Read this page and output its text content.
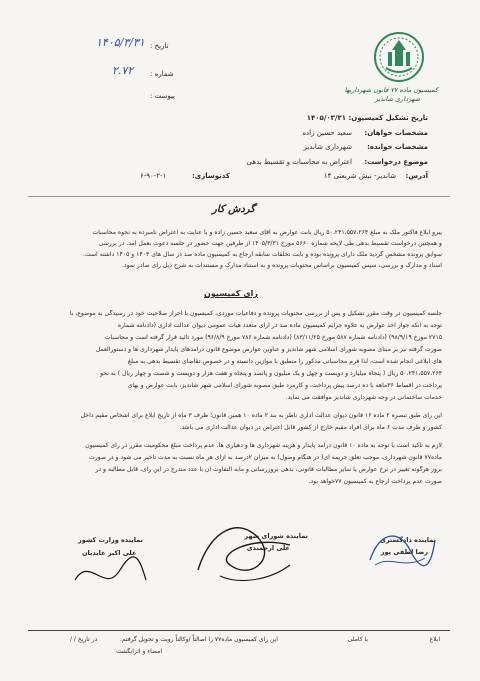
کمیسیون ماده ۷۷ قانون شهرداریها
شهرداری شاندیز
تاریخ :
۱۴۰۵/۳/۳۱
شماره :
۲.۷۲
پیوست :
تاریخ تشکیل کمیسیون: ۱۴۰۵/۰۳/۳۱
مشخصات خواهان:
سعید حسین زاده
مشخصات خوانده:
شهرداری شاندیز
موضوع درخواست:
اعتراض به محاسبات و تقسیط بدهی
آدرس:
شاندیز- نبش شریعتی ۱۴
کدنوسازی:
۶-۹۰-۲-۱
گردش کار
پیرو ابلاغ فاکتور ملک به مبلغ ۵۰،۲۴۱،۵۵۷،۲۶۴ ریال بابت عوارض به آقای سعید حسین زاده و با عنایت به اعتراض نامبرده به نحوه محاسبات
و همچنین درخواست تقسیط بدهی طی لایحه شماره ۵۶۶۰ مورخ ۱۴۰۵/۳/۳۱ از طرفین جهت حضور در جلسه دعوت بعمل آمد. در بررسی
سوابق پرونده مشخص گردید ملک دارای پرونده بوده و بابت تخلفات سابقه ارجاع به کمیسیون ماده صد در سال های ۱۴۰۳ و ۱۴۰۵ داشته است.
اسناد و مدارک و بررسی، سپس کمیسیون براساس محتویات پرونده و به استناد مدارک و مستندات به شرح ذیل رای صادر نمود.
رای کمیسیون
جلسه کمیسیون در وقت مقرر تشکیل و پس از بررسی محتویات پرونده و دفاعیات موردی، کمیسیون با احراز صلاحیت خود در رسیدگی به موضوع، با
توجه به آنکه جواز اخذ عوارض به علاوه جرایم کمیسیون ماده صد در آرای متعدد هیات عمومی دیوان عدالت اداری (دادنامه شماره
۲۷۱۵ مورخ ۹۸/۹/۱۹) (دادنامه شماره ۵۸۷ مورخ ۸۳/۱۱/۲۵) (دادنامه شماره ۷۸۶ مورخ ۹۶/۸/۹) مورد تائید قرار گرفته است و محاسبات
صورت گرفته نیز بر مبنای مصوبه شورای اسلامی شهر شاندیز و عناوین عوارض موضوع قانون درآمدهای پایدار شهرداری ها و دستورالعمل
های ابلاغی انجام شده است، لذا فرم محاسباتی مذکور را منطبق با موازین دانسته و در خصوص تقاضای تقسیط بدهی به مبلغ
۵۰،۲۴۱،۵۵۷،۲۶۴ ریال ( پنجاه میلیارد و دویست و چهل و یک میلیون و پانصد و پنجاه و هفت هزار و دویست و شصت و چهار ریال ) به نحو
پرداخت در اقساط ۳۶ماهه با ده درصد پیش پرداخت، و کارمزد طبق مصوبه شورای اسلامی شهر شاندیز، بابت عوارض و بهای
خدمات ساختمانی در وجه شهرداری شاندیز موافقت می نماید.
این رای طبق تبصره ۲ ماده ۱۶ قانون دیوان عدالت اداری ناظر به بند ۲ ماده ۱۰ همین قانون؛ ظرف ۳ ماه از تاریخ ابلاغ برای اشخاص مقیم داخل
کشور و ظرف مدت ۶ ماه برای افراد مقیم خارج از کشور قابل اعتراض در دیوان عدالت اداری می باشد.
لازم به تاکید است با توجه به ماده ۱۰ قانون درآمد پایدار و هزینه شهرداری ها و دهیاری ها، عدم پرداخت مبلغ محکومیت مقرر در رای کمیسیون
ماده۷۷ قانون شهرداری، موجب تعلق جریمه ای( در هنگام وصول) به میزان ۲درصد به ازای هر ماه نسبت به مدت تاخیر می شود و در صورت
بروز هرگونه تغییر در نرخ عوارض یا سایر مطالبات قانونی، بدهی بروزرسانی و مابه التفاوت آن با عدد مندرج در این رای، قابل مطالبه و در
صورت عدم پرداخت ارجاع به کمیسیون ۷۷خواهد بود.
نماینده دادگستری
رضا لطفی پور
نماینده شورای شهر
علی ارجمندی
نماینده وزارت کشور
علی اکبر عابدیان
ابلاغ
با کاملی
این رای کمیسیون ماده۷۷ را اصالتاً /وکالتاً رویت و تحویل گرفتم.
در تاریخ / /
امضاء و اثرانگشت
